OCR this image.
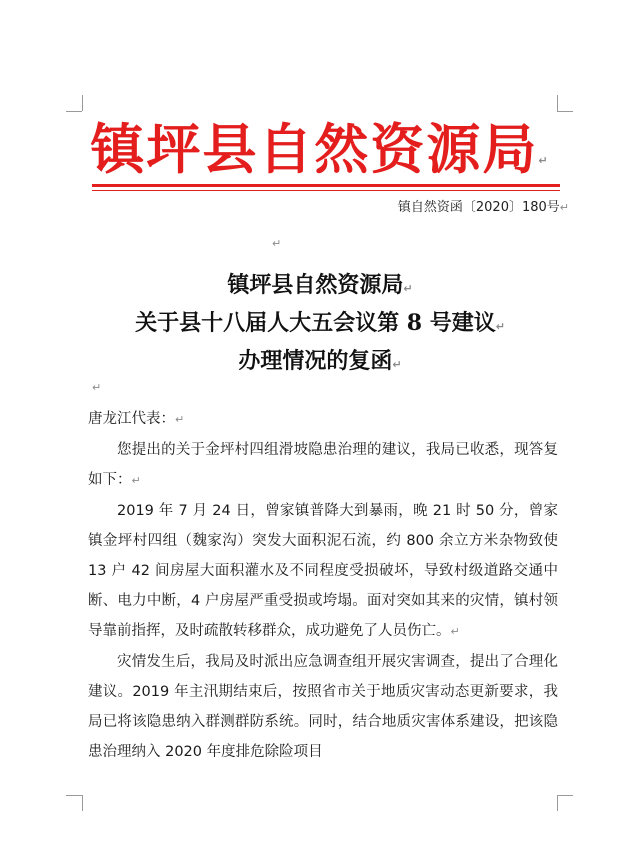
镇坪县自然资源局↵
镇自然资函〔2020〕180号↵
↵
镇坪县自然资源局↵
关于县十八届人大五会议第 8 号建议↵
办理情况的复函↵
↵

唐龙江代表：↵

您提出的关于金坪村四组滑坡隐患治理的建议，我局已收悉，现答复如下：↵

2019 年 7 月 24 日，曾家镇普降大到暴雨，晚 21 时 50 分，曾家镇金坪村四组（魏家沟）突发大面积泥石流，约 800 余立方米杂物致使 13 户 42 间房屋大面积灌水及不同程度受损破坏，导致村级道路交通中断、电力中断，4 户房屋严重受损或垮塌。面对突如其来的灾情，镇村领导靠前指挥，及时疏散转移群众，成功避免了人员伤亡。↵

灾情发生后，我局及时派出应急调查组开展灾害调查，提出了合理化建议。2019 年主汛期结束后，按照省市关于地质灾害动态更新要求，我局已将该隐患纳入群测群防系统。同时，结合地质灾害体系建设，把该隐患治理纳入 2020 年度排危除险项目
